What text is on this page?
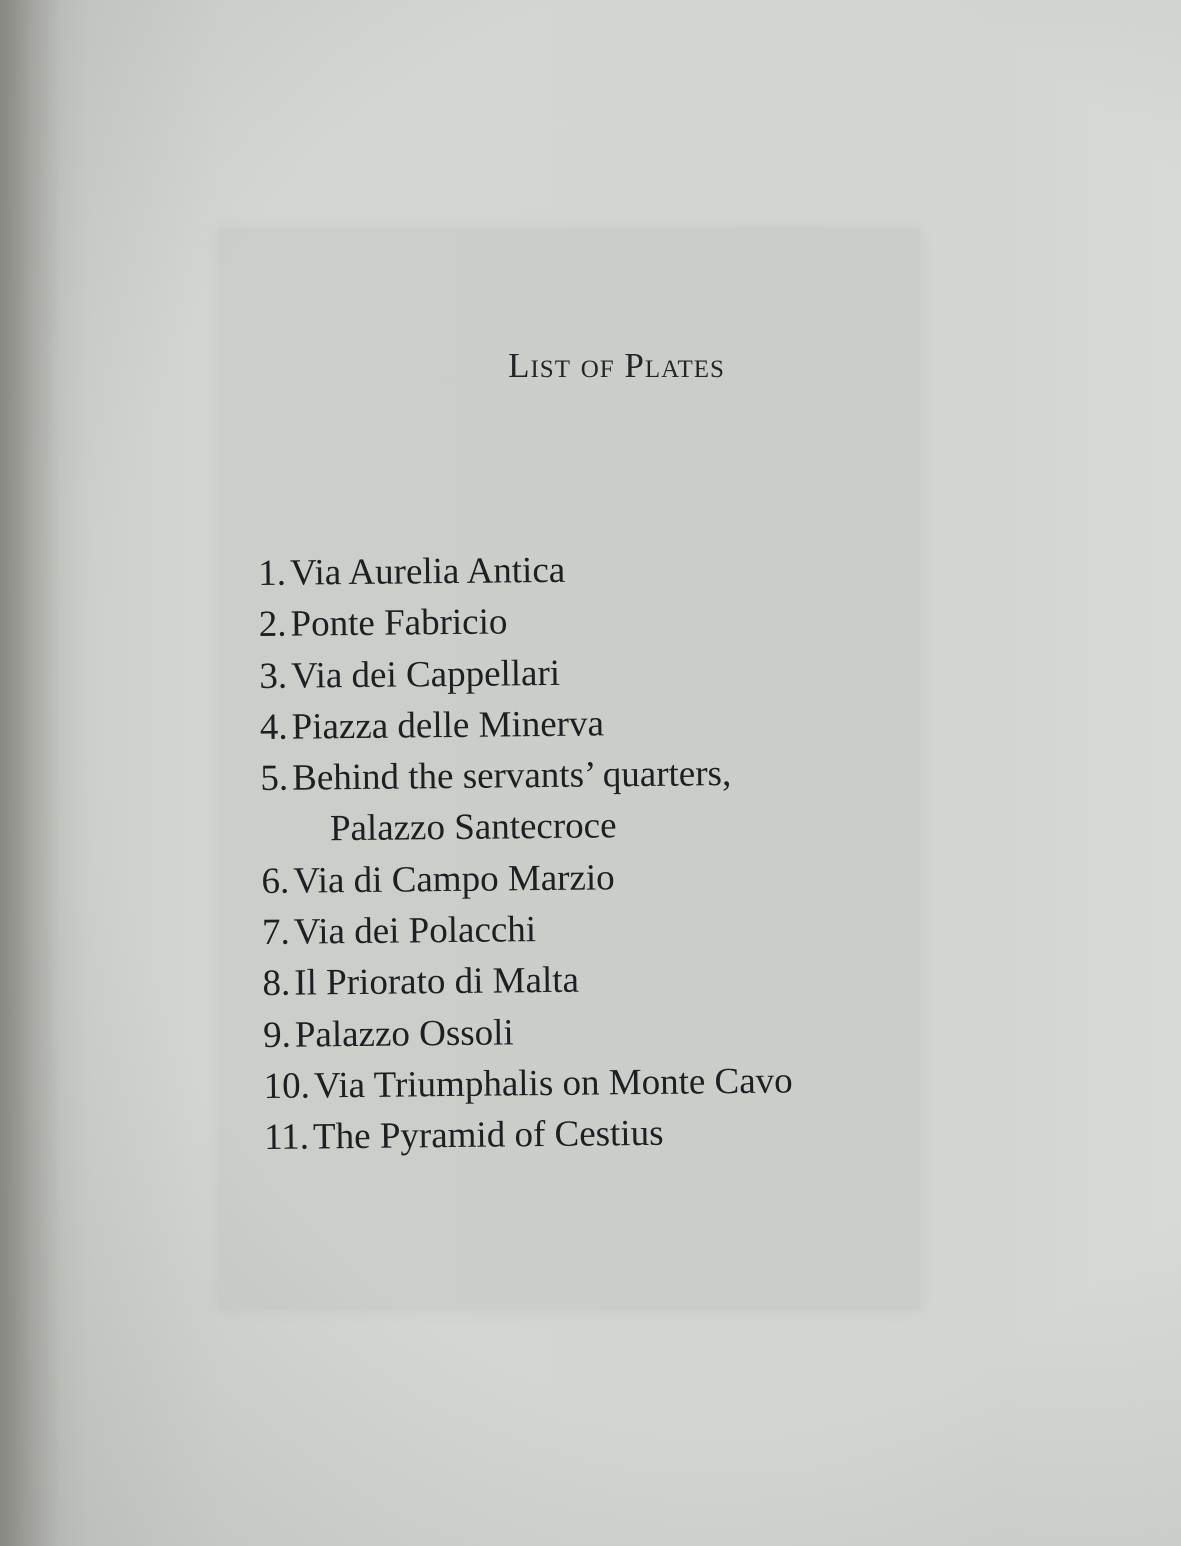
List of Plates
1.Via Aurelia Antica
2.Ponte Fabricio
3.Via dei Cappellari
4.Piazza delle Minerva
5.Behind the servants’ quarters,
Palazzo Santecroce
6.Via di Campo Marzio
7.Via dei Polacchi
8.Il Priorato di Malta
9.Palazzo Ossoli
10.Via Triumphalis on Monte Cavo
11.The Pyramid of Cestius
